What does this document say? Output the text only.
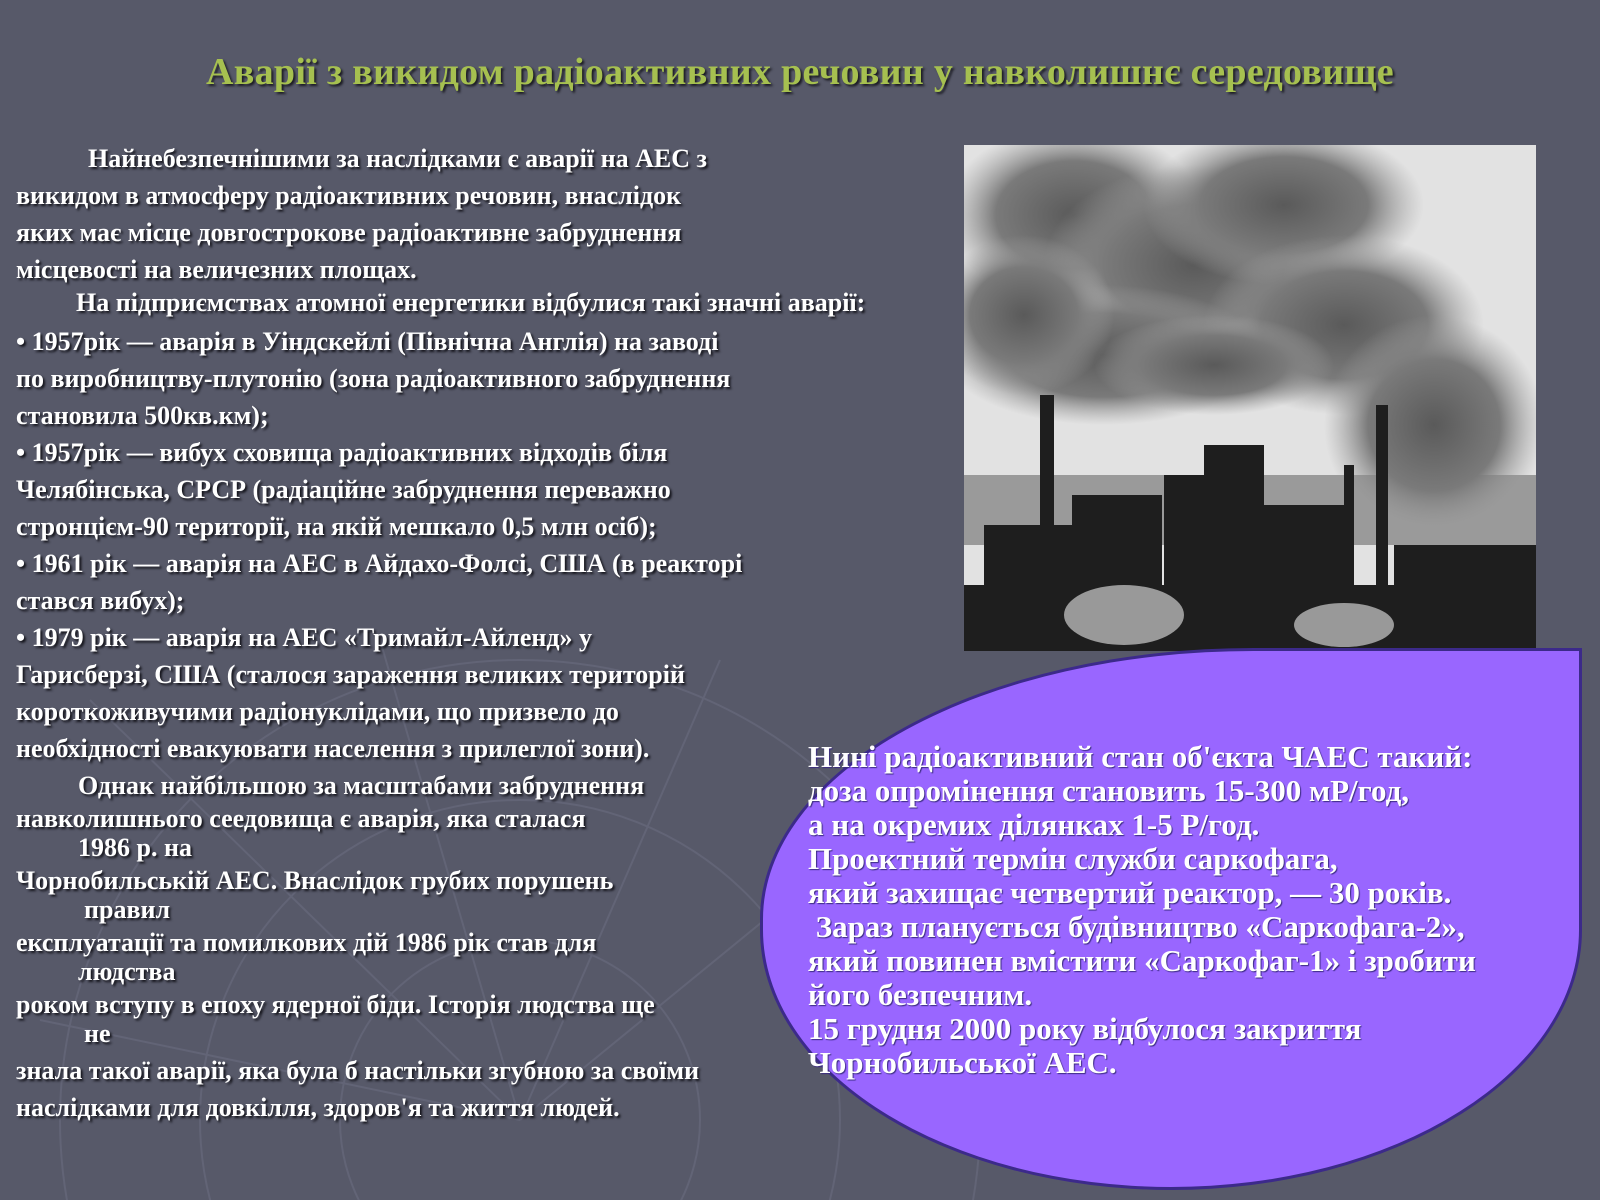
Аварії з викидом радіоактивних речовин у навколишнє середовище
Найнебезпечнішими за наслідками є аварії на АЕС з
викидом в атмосферу радіоактивних речовин, внаслідок
яких має місце довгострокове радіоактивне забруднення
місцевості на величезних площах.
На підприємствах атомної енергетики відбулися такі значні аварії:
• 1957рік — аварія в Уіндскейлі (Північна Англія) на заводі
по виробництву-плутонію (зона радіоактивного забруднення
становила 500кв.км);
• 1957рік — вибух сховища радіоактивних відходів біля
Челябінська, СРСР (радіаційне забруднення переважно
стронцієм-90 території, на якій мешкало 0,5 млн осіб);
• 1961 рік — аварія на АЕС в Айдахо-Фолсі, США (в реакторі
стався вибух);
• 1979 рік — аварія на АЕС «Тримайл-Айленд» у
Гарисберзі, США (сталося зараження великих територій
короткоживучими радіонуклідами, що призвело до
необхідності евакуювати населення з прилеглої зони).
Однак найбільшою за масштабами забруднення
навколишнього сеедовища є аварія, яка сталася
1986 р. на
Чорнобильській АЕС. Внаслідок грубих порушень
правил
експлуатації та помилкових дій 1986 рік став для
людства
роком вступу в епоху ядерної біди. Історія людства ще
не
знала такої аварії, яка була б настільки згубною за своїми
наслідками для довкілля, здоров'я та життя людей.
Нині радіоактивний стан об'єкта ЧАЕС такий:
доза опромінення становить 15-300 мР/год,
а на окремих ділянках 1-5 Р/год.
Проектний термін служби саркофага,
який захищає четвертий реактор, — 30 років.
Зараз планується будівництво «Саркофага-2»,
який повинен вмістити «Саркофаг-1» і зробити
його безпечним.
15 грудня 2000 року відбулося закриття
Чорнобильської АЕС.
